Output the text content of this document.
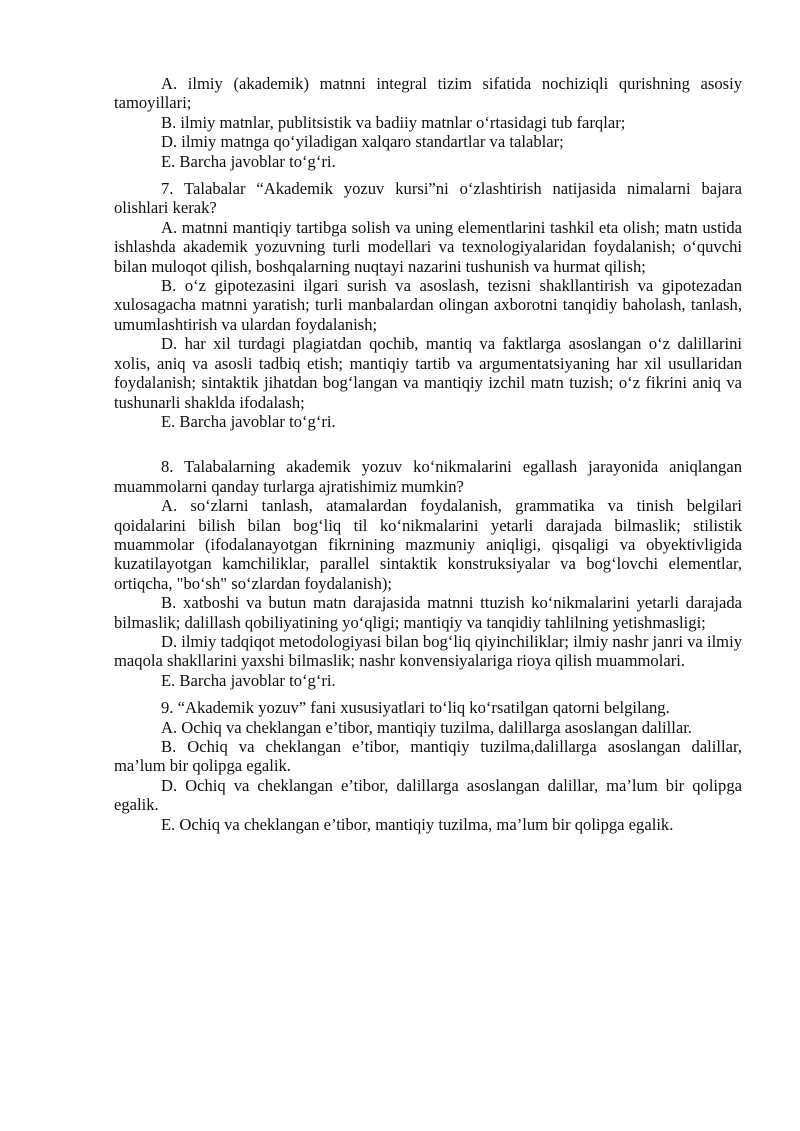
A. ilmiy (akademik) matnni integral tizim sifatida nochiziqli qurishning asosiy tamoyillari;

B. ilmiy matnlar, publitsistik va badiiy matnlar o‘rtasidagi tub farqlar;

D. ilmiy matnga qo‘yiladigan xalqaro standartlar va talablar;

E. Barcha javoblar to‘g‘ri.

7. Talabalar “Akademik yozuv kursi”ni o‘zlashtirish natijasida nimalarni bajara olishlari kerak?

A. matnni mantiqiy tartibga solish va uning elementlarini tashkil eta olish; matn ustida ishlashda akademik yozuvning turli modellari va texnologiyalaridan foydalanish; o‘quvchi bilan muloqot qilish, boshqalarning nuqtayi nazarini tushunish va hurmat qilish;

B. o‘z gipotezasini ilgari surish va asoslash, tezisni shakllantirish va gipotezadan xulosagacha matnni yaratish; turli manbalardan olingan axborotni tanqidiy baholash, tanlash, umumlashtirish va ulardan foydalanish;

D. har xil turdagi plagiatdan qochib, mantiq va faktlarga asoslangan o‘z dalillarini xolis, aniq va asosli tadbiq etish; mantiqiy tartib va argumentatsiyaning har xil usullaridan foydalanish; sintaktik jihatdan bog‘langan va mantiqiy izchil matn tuzish; o‘z fikrini aniq va tushunarli shaklda ifodalash;

E. Barcha javoblar to‘g‘ri.

8. Talabalarning akademik yozuv ko‘nikmalarini egallash jarayonida aniqlangan muammolarni qanday turlarga ajratishimiz mumkin?

A. so‘zlarni tanlash, atamalardan foydalanish, grammatika va tinish belgilari qoidalarini bilish bilan bog‘liq til ko‘nikmalarini yetarli darajada bilmaslik; stilistik muammolar (ifodalanayotgan fikrnining mazmuniy aniqligi, qisqaligi va obyektivligida kuzatilayotgan kamchiliklar, parallel sintaktik konstruksiyalar va bog‘lovchi elementlar, ortiqcha, "bo‘sh" so‘zlardan foydalanish);

B. xatboshi va butun matn darajasida matnni ttuzish ko‘nikmalarini yetarli darajada bilmaslik; dalillash qobiliyatining yo‘qligi; mantiqiy va tanqidiy tahlilning yetishmasligi;

D. ilmiy tadqiqot metodologiyasi bilan bog‘liq qiyinchiliklar; ilmiy nashr janri va ilmiy maqola shakllarini yaxshi bilmaslik; nashr konvensiyalariga rioya qilish muammolari.

E. Barcha javoblar to‘g‘ri.

9. “Akademik yozuv” fani xususiyatlari to‘liq ko‘rsatilgan qatorni belgilang.

A. Ochiq va cheklangan e’tibor, mantiqiy tuzilma, dalillarga asoslangan dalillar.

B. Ochiq va cheklangan e’tibor, mantiqiy tuzilma,dalillarga asoslangan dalillar, ma’lum bir qolipga egalik.

D. Ochiq va cheklangan e’tibor, dalillarga asoslangan dalillar, ma’lum bir qolipga egalik.

E. Ochiq va cheklangan e’tibor, mantiqiy tuzilma, ma’lum bir qolipga egalik.
